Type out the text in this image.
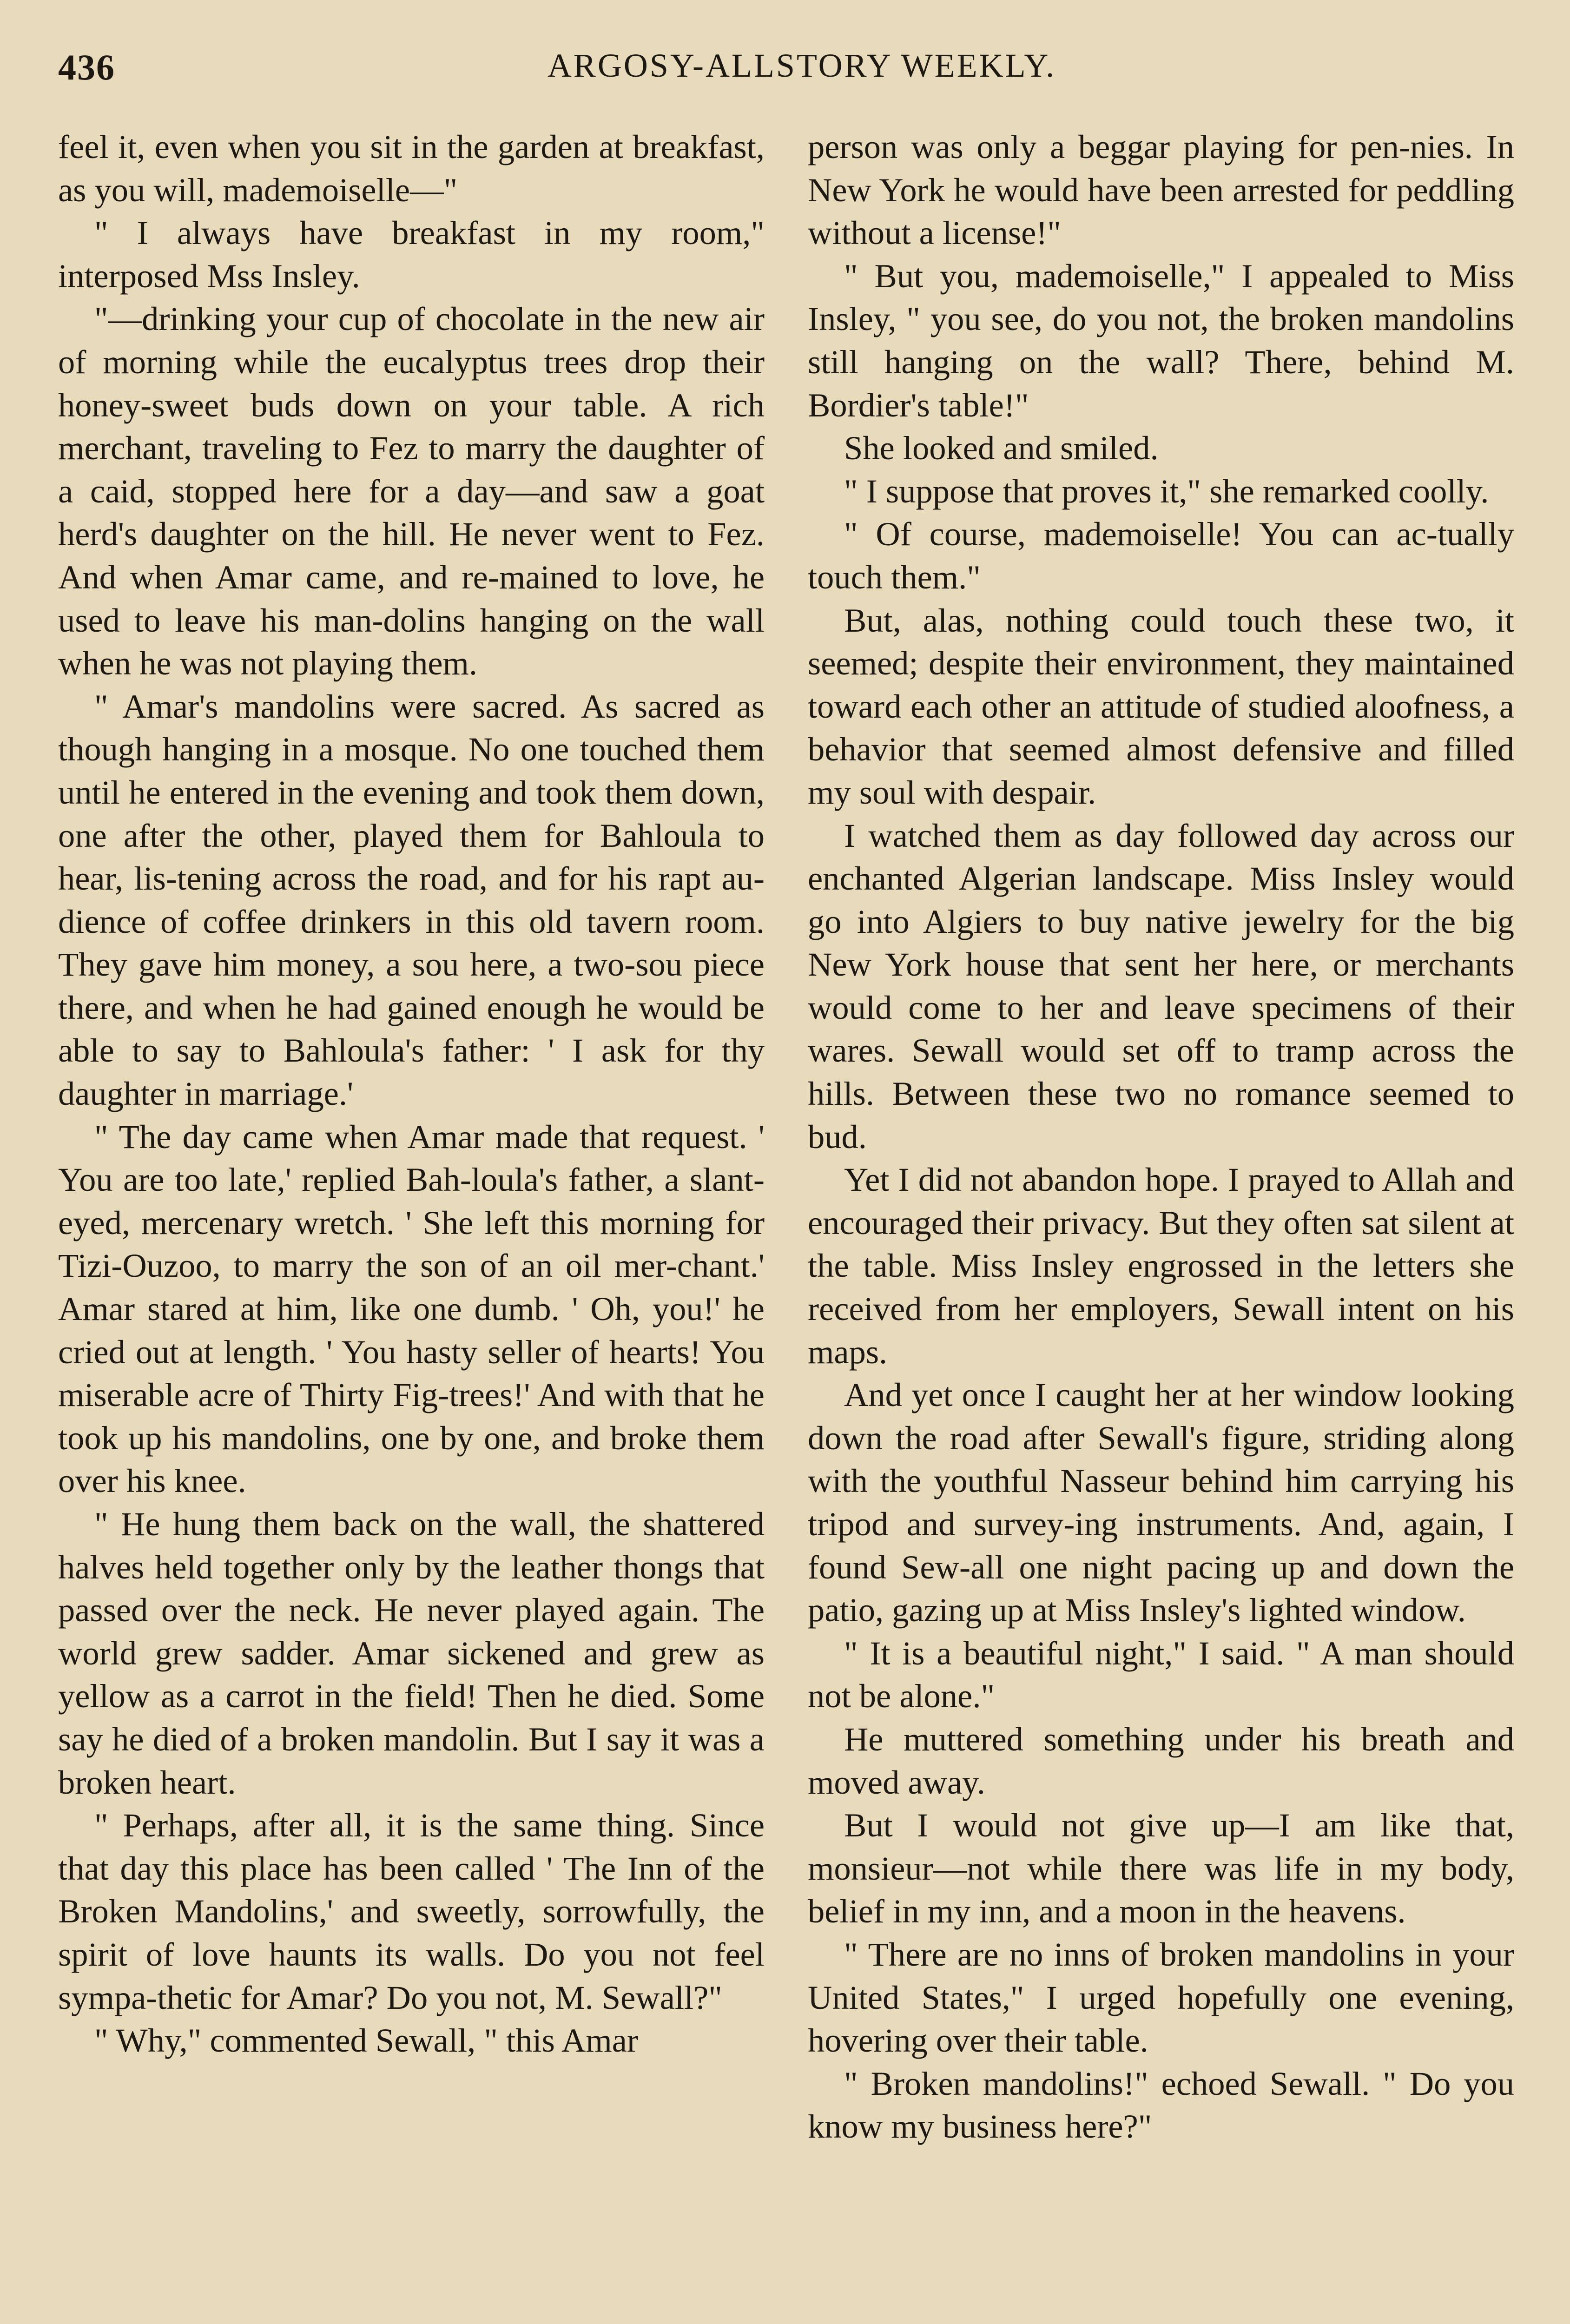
436	ARGOSY-ALLSTORY WEEKLY.

feel it, even when you sit in the garden at breakfast, as you will, mademoiselle—"

" I always have breakfast in my room," interposed Mss Insley.

"—drinking your cup of chocolate in the new air of morning while the eucalyptus trees drop their honey-sweet buds down on your table. A rich merchant, traveling to Fez to marry the daughter of a caid, stopped here for a day—and saw a goat herd's daughter on the hill. He never went to Fez. And when Amar came, and re-mained to love, he used to leave his man-dolins hanging on the wall when he was not playing them.

" Amar's mandolins were sacred. As sacred as though hanging in a mosque. No one touched them until he entered in the evening and took them down, one after the other, played them for Bahloula to hear, lis-tening across the road, and for his rapt au-dience of coffee drinkers in this old tavern room. They gave him money, a sou here, a two-sou piece there, and when he had gained enough he would be able to say to Bahloula's father: ' I ask for thy daughter in marriage.'

" The day came when Amar made that request. ' You are too late,' replied Bah-loula's father, a slant-eyed, mercenary wretch. ' She left this morning for Tizi-Ouzoo, to marry the son of an oil mer-chant.' Amar stared at him, like one dumb. ' Oh, you!' he cried out at length. ' You hasty seller of hearts! You miserable acre of Thirty Fig-trees!' And with that he took up his mandolins, one by one, and broke them over his knee.

" He hung them back on the wall, the shattered halves held together only by the leather thongs that passed over the neck. He never played again. The world grew sadder. Amar sickened and grew as yellow as a carrot in the field! Then he died. Some say he died of a broken mandolin. But I say it was a broken heart.

" Perhaps, after all, it is the same thing. Since that day this place has been called ' The Inn of the Broken Mandolins,' and sweetly, sorrowfully, the spirit of love haunts its walls. Do you not feel sympa-thetic for Amar? Do you not, M. Sewall?"

" Why," commented Sewall, " this Amar

person was only a beggar playing for pen-nies. In New York he would have been arrested for peddling without a license!"

" But you, mademoiselle," I appealed to Miss Insley, " you see, do you not, the broken mandolins still hanging on the wall? There, behind M. Bordier's table!"

She looked and smiled.

" I suppose that proves it," she remarked coolly.

" Of course, mademoiselle! You can ac-tually touch them."

But, alas, nothing could touch these two, it seemed; despite their environment, they maintained toward each other an attitude of studied aloofness, a behavior that seemed almost defensive and filled my soul with despair.

I watched them as day followed day across our enchanted Algerian landscape. Miss Insley would go into Algiers to buy native jewelry for the big New York house that sent her here, or merchants would come to her and leave specimens of their wares. Sewall would set off to tramp across the hills. Between these two no romance seemed to bud.

Yet I did not abandon hope. I prayed to Allah and encouraged their privacy. But they often sat silent at the table. Miss Insley engrossed in the letters she received from her employers, Sewall intent on his maps.

And yet once I caught her at her window looking down the road after Sewall's figure, striding along with the youthful Nasseur behind him carrying his tripod and survey-ing instruments. And, again, I found Sew-all one night pacing up and down the patio, gazing up at Miss Insley's lighted window.

" It is a beautiful night," I said. " A man should not be alone."

He muttered something under his breath and moved away.

But I would not give up—I am like that, monsieur—not while there was life in my body, belief in my inn, and a moon in the heavens.

" There are no inns of broken mandolins in your United States," I urged hopefully one evening, hovering over their table.

" Broken mandolins!" echoed Sewall. " Do you know my business here?"
